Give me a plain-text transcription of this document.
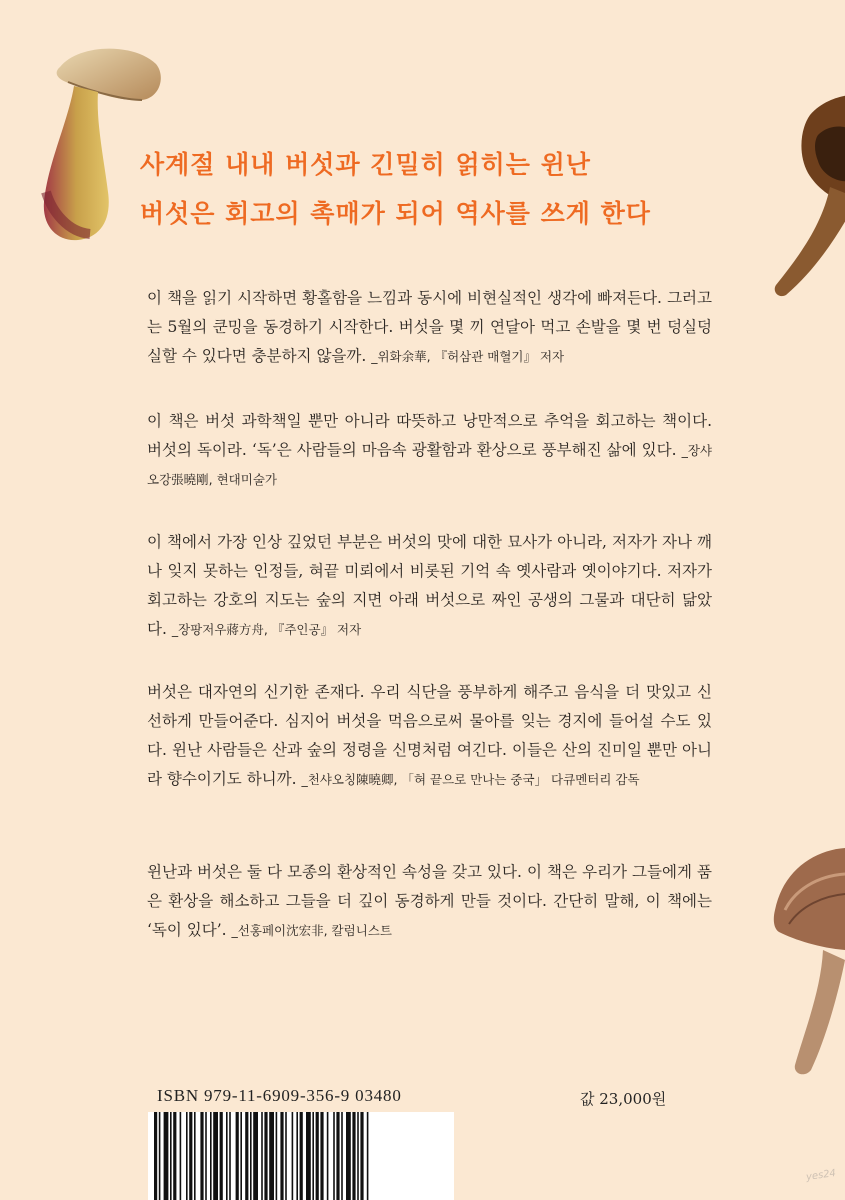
사계절 내내 버섯과 긴밀히 얽히는 윈난
버섯은 회고의 촉매가 되어 역사를 쓰게 한다
이 책을 읽기 시작하면 황홀함을 느낌과 동시에 비현실적인 생각에 빠져든다. 그러고는 5월의 쿤밍을 동경하기 시작한다. 버섯을 몇 끼 연달아 먹고 손발을 몇 번 덩실덩실할 수 있다면 충분하지 않을까. _위화余華, 『허삼관 매혈기』 저자
이 책은 버섯 과학책일 뿐만 아니라 따뜻하고 낭만적으로 추억을 회고하는 책이다. 버섯의 독이라. ‘독’은 사람들의 마음속 광활함과 환상으로 풍부해진 삶에 있다. _장샤오강張曉剛, 현대미술가
이 책에서 가장 인상 깊었던 부분은 버섯의 맛에 대한 묘사가 아니라, 저자가 자나 깨나 잊지 못하는 인정들, 혀끝 미뢰에서 비롯된 기억 속 옛사람과 옛이야기다. 저자가 회고하는 강호의 지도는 숲의 지면 아래 버섯으로 짜인 공생의 그물과 대단히 닮았다. _장팡저우蔣方舟, 『주인공』 저자
버섯은 대자연의 신기한 존재다. 우리 식단을 풍부하게 해주고 음식을 더 맛있고 신선하게 만들어준다. 심지어 버섯을 먹음으로써 물아를 잊는 경지에 들어설 수도 있다. 윈난 사람들은 산과 숲의 정령을 신명처럼 여긴다. 이들은 산의 진미일 뿐만 아니라 향수이기도 하니까. _천샤오칭陳曉卿, 「혀 끝으로 만나는 중국」 다큐멘터리 감독
윈난과 버섯은 둘 다 모종의 환상적인 속성을 갖고 있다. 이 책은 우리가 그들에게 품은 환상을 해소하고 그들을 더 깊이 동경하게 만들 것이다. 간단히 말해, 이 책에는 ‘독이 있다’. _선홍페이沈宏非, 칼럼니스트
ISBN 979-11-6909-356-9 03480	값 23,000원
yes24
